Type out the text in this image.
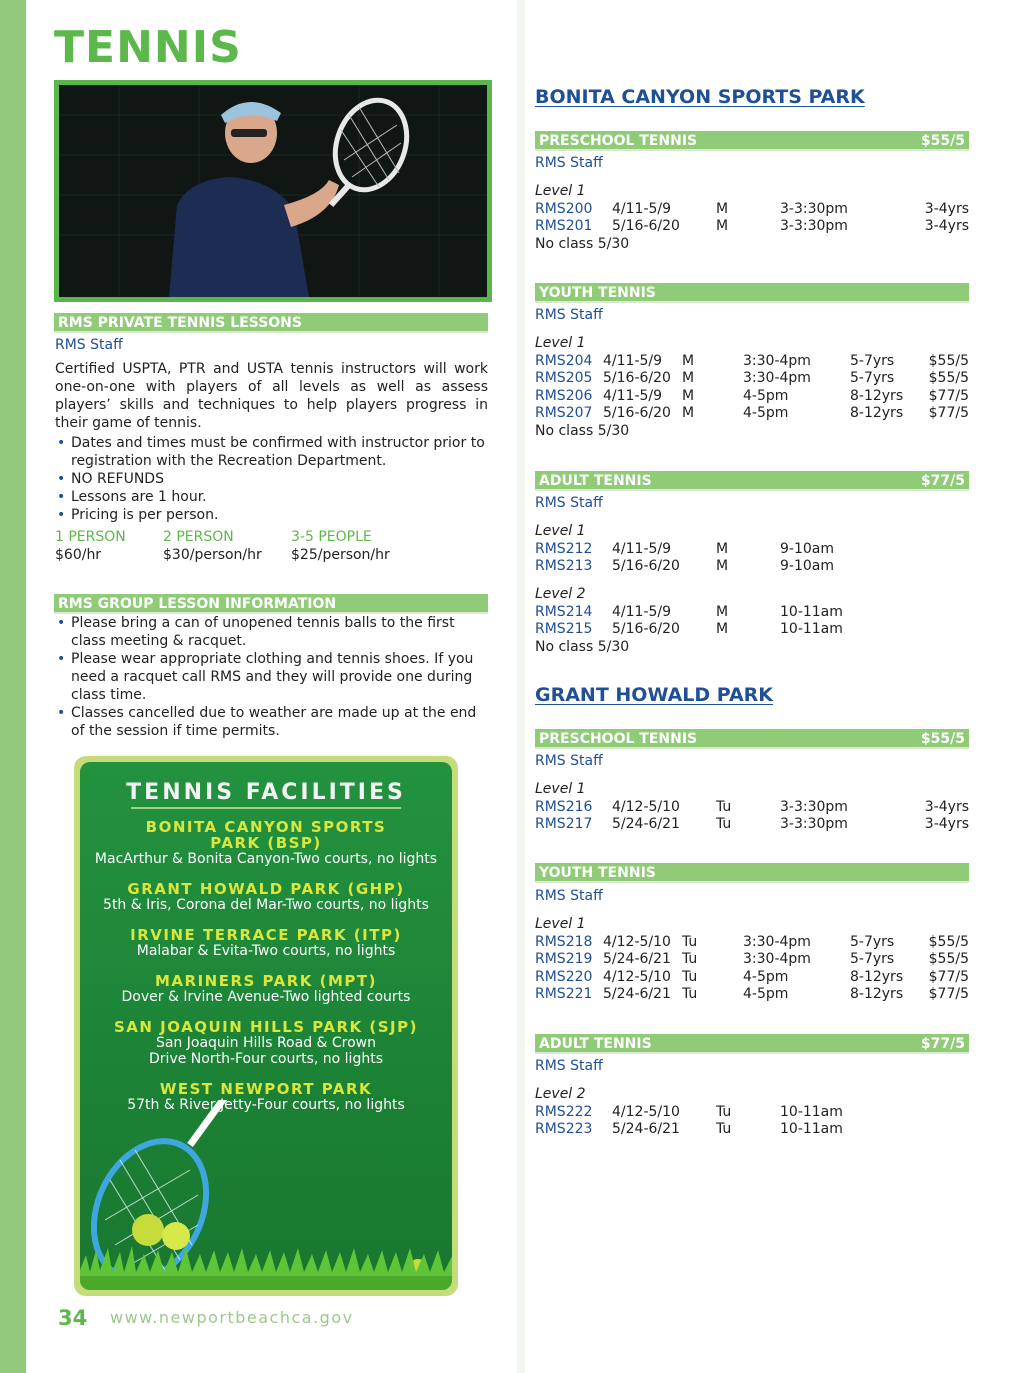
TENNIS
RMS PRIVATE TENNIS LESSONS
RMS Staff

Certified USPTA, PTR and USTA tennis instructors will work one-on-one with players of all levels as well as assess players’ skills and techniques to help players progress in their game of tennis.

• Dates and times must be confirmed with instructor prior to registration with the Recreation Department.
• NO REFUNDS
• Lessons are 1 hour.
• Pricing is per person.
1 PERSON
$60/hr
2 PERSON
$30/person/hr
3-5 PEOPLE
$25/person/hr
RMS GROUP LESSON INFORMATION
• Please bring a can of unopened tennis balls to the first class meeting & racquet.
• Please wear appropriate clothing and tennis shoes. If you need a racquet call RMS and they will provide one during class time.
• Classes cancelled due to weather are made up at the end of the session if time permits.
TENNIS FACILITIES
BONITA CANYON SPORTS PARK (BSP)
MacArthur & Bonita Canyon-Two courts, no lights
GRANT HOWALD PARK (GHP)
5th & Iris, Corona del Mar-Two courts, no lights
IRVINE TERRACE PARK (ITP)
Malabar & Evita-Two courts, no lights
MARINERS PARK (MPT)
Dover & Irvine Avenue-Two lighted courts
SAN JOAQUIN HILLS PARK (SJP)
San Joaquin Hills Road & Crown Drive North-Four courts, no lights
WEST NEWPORT PARK
57th & River Jetty-Four courts, no lights
34 www.newportbeachca.gov
BONITA CANYON SPORTS PARK
PRESCHOOL TENNIS	$55/5
RMS Staff
Level 1
RMS200 4/11-5/9	M	3-3:30pm	3-4yrs
RMS201 5/16-6/20	M	3-3:30pm	3-4yrs
No class 5/30
YOUTH TENNIS
RMS Staff
Level 1
RMS204 4/11-5/9 M	3:30-4pm	5-7yrs $55/5
RMS205 5/16-6/20 M	3:30-4pm	5-7yrs $55/5
RMS206 4/11-5/9 M	4-5pm	8-12yrs $77/5
RMS207 5/16-6/20 M	4-5pm	8-12yrs $77/5
No class 5/30
ADULT TENNIS	$77/5
RMS Staff
Level 1
RMS212 4/11-5/9	M	9-10am
RMS213 5/16-6/20	M	9-10am
Level 2
RMS214 4/11-5/9	M	10-11am
RMS215 5/16-6/20	M	10-11am
No class 5/30
GRANT HOWALD PARK
PRESCHOOL TENNIS	$55/5
RMS Staff
Level 1
RMS216 4/12-5/10	Tu	3-3:30pm	3-4yrs
RMS217 5/24-6/21	Tu	3-3:30pm	3-4yrs
YOUTH TENNIS
RMS Staff
Level 1
RMS218 4/12-5/10 Tu	3:30-4pm	5-7yrs $55/5
RMS219 5/24-6/21 Tu	3:30-4pm	5-7yrs $55/5
RMS220 4/12-5/10 Tu	4-5pm	8-12yrs $77/5
RMS221 5/24-6/21 Tu	4-5pm	8-12yrs $77/5
ADULT TENNIS	$77/5
RMS Staff
Level 2
RMS222 4/12-5/10	Tu	10-11am
RMS223 5/24-6/21	Tu	10-11am
